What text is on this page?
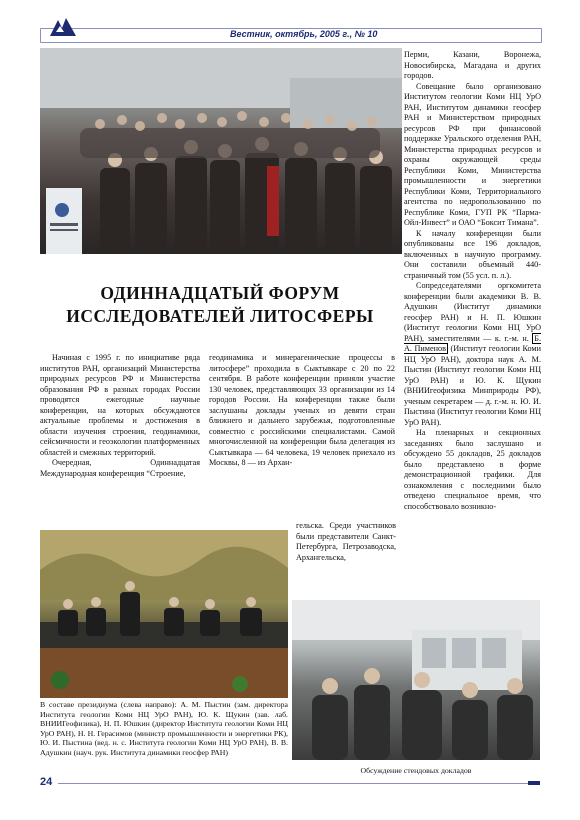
Вестник, октябрь, 2005 г., № 10
ОДИННАДЦАТЫЙ ФОРУМ
ИССЛЕДОВАТЕЛЕЙ ЛИТОСФЕРЫ

Начиная с 1995 г. по инициативе ряда институтов РАН, организаций Министерства природных ресурсов РФ и Министерства образования РФ в разных городах России проводятся ежегодные научные конференции, на которых обсуждаются актуальные проблемы и достижения в области изучения строения, геодинамики, сейсмичности и геоэкологии платформенных областей и смежных территорий.

Очередная, Одиннадцатая Международная конференция “Строение,

геодинамика и минерагенические процессы в литосфере” проходила в Сыктывкаре с 20 по 22 сентября. В работе конференции приняли участие 130 человек, представляющих 33 организации из 14 городов России. На конференции также были заслушаны доклады ученых из девяти стран ближнего и дальнего зарубежья, подготовленные совместно с российскими специалистами. Самой многочисленной на конференции была делегация из Сыктывкара — 64 человека, 19 человек приехало из Москвы, 8 — из Архан-

гельска. Среди участников были представители Санкт-Петербурга, Петрозаводска, Архангельска,

Перми, Казани, Воронежа, Новосибирска, Магадана и других городов.

Совещание было организовано Институтом геологии Коми НЦ УрО РАН, Институтом динамики геосфер РАН и Министерством природных ресурсов РФ при финансовой поддержке Уральского отделения РАН, Министерства природных ресурсов и охраны окружающей среды Республики Коми, Министерства промышленности и энергетики Республики Коми, Территориального агентства по недропользованию по Республике Коми, ГУП РК “Парма-Ойл-Инвест” и ОАО “Боксит Тимана”.

К началу конференции были опубликованы все 196 докладов, включенных в научную программу. Они составили объемный 440-страничный том (55 усл. п. л.).

Сопредседателями оргкомитета конференции были академики В. В. Адушкин (Институт динамики геосфер РАН) и Н. П. Юшкин (Институт геологии Коми НЦ УрО РАН), заместителями — к. г.-м. н. Б. А. Пименов (Институт геологии Коми НЦ УрО РАН), доктора наук А. М. Пыстин (Институт геологии Коми НЦ УрО РАН) и Ю. К. Щукин (ВНИИгеофизика Минприроды РФ), ученым секретарем — д. г.-м. н. Ю. И. Пыстина (Институт геологии Коми НЦ УрО РАН).

На пленарных и секционных заседаниях было заслушано и обсуждено 55 докладов, 25 докладов было представлено в форме демонстрационной графики. Для ознакомления с последними было отведено специальное время, что способствовало возникно-

В составе президиума (слева направо): А. М. Пыстин (зам. директора Института геологии Коми НЦ УрО РАН), Ю. К. Щукин (зав. лаб. ВНИИГеофизика), Н. П. Юшкин (директор Института геологии Коми НЦ УрО РАН), Н. Н. Герасимов (министр промышленности и энергетики РК), Ю. И. Пыстина (вед. н. с. Института геологии Коми НЦ УрО РАН), В. В. Адушкин (науч. рук. Института динамики геосфер РАН)
Обсуждение стендовых докладов
24
